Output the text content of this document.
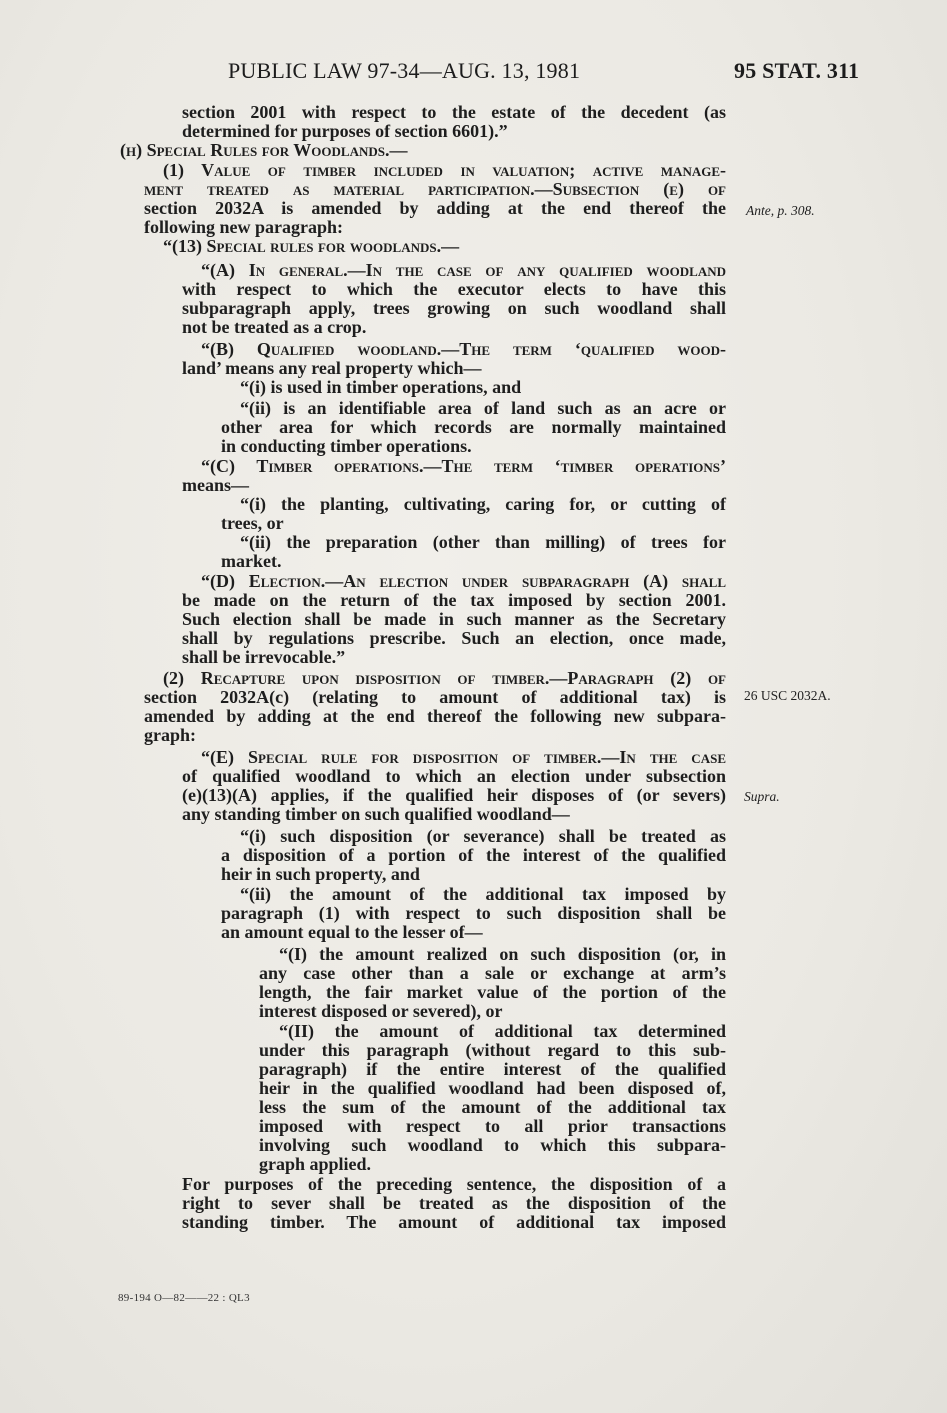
PUBLIC LAW 97-34—AUG. 13, 1981	95 STAT. 311
section 2001 with respect to the estate of the decedent (as
determined for purposes of section 6601).”
(h) Special Rules for Woodlands.—
(1) Value of timber included in valuation; active manage-
ment treated as material participation.—Subsection (e) of
section 2032A is amended by adding at the end thereof the
following new paragraph:
“(13) Special rules for woodlands.—
“(A) In general.—In the case of any qualified woodland
with respect to which the executor elects to have this
subparagraph apply, trees growing on such woodland shall
not be treated as a crop.
“(B) Qualified woodland.—The term ‘qualified wood-
land’ means any real property which—
“(i) is used in timber operations, and
“(ii) is an identifiable area of land such as an acre or
other area for which records are normally maintained
in conducting timber operations.
“(C) Timber operations.—The term ‘timber operations’
means—
“(i) the planting, cultivating, caring for, or cutting of
trees, or
“(ii) the preparation (other than milling) of trees for
market.
“(D) Election.—An election under subparagraph (A) shall
be made on the return of the tax imposed by section 2001.
Such election shall be made in such manner as the Secretary
shall by regulations prescribe. Such an election, once made,
shall be irrevocable.”
(2) Recapture upon disposition of timber.—Paragraph (2) of
section 2032A(c) (relating to amount of additional tax) is
amended by adding at the end thereof the following new subpara-
graph:
“(E) Special rule for disposition of timber.—In the case
of qualified woodland to which an election under subsection
(e)(13)(A) applies, if the qualified heir disposes of (or severs)
any standing timber on such qualified woodland—
“(i) such disposition (or severance) shall be treated as
a disposition of a portion of the interest of the qualified
heir in such property, and
“(ii) the amount of the additional tax imposed by
paragraph (1) with respect to such disposition shall be
an amount equal to the lesser of—
“(I) the amount realized on such disposition (or, in
any case other than a sale or exchange at arm’s
length, the fair market value of the portion of the
interest disposed or severed), or
“(II) the amount of additional tax determined
under this paragraph (without regard to this sub-
paragraph) if the entire interest of the qualified
heir in the qualified woodland had been disposed of,
less the sum of the amount of the additional tax
imposed with respect to all prior transactions
involving such woodland to which this subpara-
graph applied.
For purposes of the preceding sentence, the disposition of a
right to sever shall be treated as the disposition of the
standing timber. The amount of additional tax imposed
Ante, p. 308.
26 USC 2032A.
Supra.
89-194 O—82——22 : QL3
